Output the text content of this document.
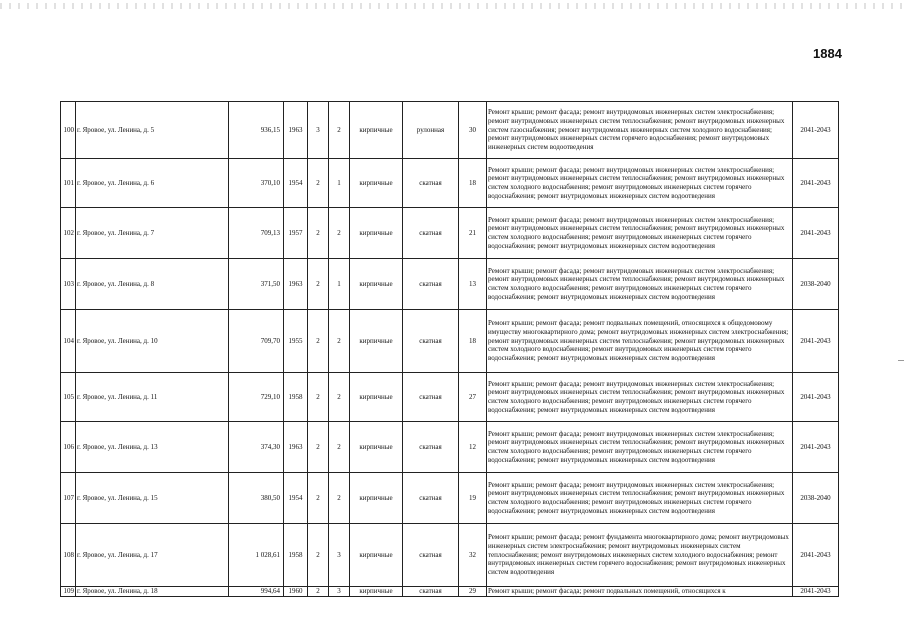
1884
100	г. Яровое, ул. Ленина, д. 5	936,15	1963	3	2	кирпичные	рулонная	30	Ремонт крыши; ремонт фасада; ремонт внутридомовых инженерных систем электроснабжения; ремонт внутридомовых инженерных систем теплоснабжения; ремонт внутридомовых инженерных систем газоснабжения; ремонт внутридомовых инженерных систем холодного водоснабжения; ремонт внутридомовых инженерных систем горячего водоснабжения; ремонт внутридомовых инженерных систем водоотведения	2041-2043
101	г. Яровое, ул. Ленина, д. 6	370,10	1954	2	1	кирпичные	скатная	18	Ремонт крыши; ремонт фасада; ремонт внутридомовых инженерных систем электроснабжения; ремонт внутридомовых инженерных систем теплоснабжения; ремонт внутридомовых инженерных систем холодного водоснабжения; ремонт внутридомовых инженерных систем горячего водоснабжения; ремонт внутридомовых инженерных систем водоотведения	2041-2043
102	г. Яровое, ул. Ленина, д. 7	709,13	1957	2	2	кирпичные	скатная	21	Ремонт крыши; ремонт фасада; ремонт внутридомовых инженерных систем электроснабжения; ремонт внутридомовых инженерных систем теплоснабжения; ремонт внутридомовых инженерных систем холодного водоснабжения; ремонт внутридомовых инженерных систем горячего водоснабжения; ремонт внутридомовых инженерных систем водоотведения	2041-2043
103	г. Яровое, ул. Ленина, д. 8	371,50	1963	2	1	кирпичные	скатная	13	Ремонт крыши; ремонт фасада; ремонт внутридомовых инженерных систем электроснабжения; ремонт внутридомовых инженерных систем теплоснабжения; ремонт внутридомовых инженерных систем холодного водоснабжения; ремонт внутридомовых инженерных систем горячего водоснабжения; ремонт внутридомовых инженерных систем водоотведения	2038-2040
104	г. Яровое, ул. Ленина, д. 10	709,70	1955	2	2	кирпичные	скатная	18	Ремонт крыши; ремонт фасада; ремонт подвальных помещений, относящихся к общедомовому имуществу многоквартирного дома; ремонт внутридомовых инженерных систем электроснабжения; ремонт внутридомовых инженерных систем теплоснабжения; ремонт внутридомовых инженерных систем холодного водоснабжения; ремонт внутридомовых инженерных систем горячего водоснабжения; ремонт внутридомовых инженерных систем водоотведения	2041-2043
105	г. Яровое, ул. Ленина, д. 11	729,10	1958	2	2	кирпичные	скатная	27	Ремонт крыши; ремонт фасада; ремонт внутридомовых инженерных систем электроснабжения; ремонт внутридомовых инженерных систем теплоснабжения; ремонт внутридомовых инженерных систем холодного водоснабжения; ремонт внутридомовых инженерных систем горячего водоснабжения; ремонт внутридомовых инженерных систем водоотведения	2041-2043
106	г. Яровое, ул. Ленина, д. 13	374,30	1963	2	2	кирпичные	скатная	12	Ремонт крыши; ремонт фасада; ремонт внутридомовых инженерных систем электроснабжения; ремонт внутридомовых инженерных систем теплоснабжения; ремонт внутридомовых инженерных систем холодного водоснабжения; ремонт внутридомовых инженерных систем горячего водоснабжения; ремонт внутридомовых инженерных систем водоотведения	2041-2043
107	г. Яровое, ул. Ленина, д. 15	380,50	1954	2	2	кирпичные	скатная	19	Ремонт крыши; ремонт фасада; ремонт внутридомовых инженерных систем электроснабжения; ремонт внутридомовых инженерных систем теплоснабжения; ремонт внутридомовых инженерных систем холодного водоснабжения; ремонт внутридомовых инженерных систем горячего водоснабжения; ремонт внутридомовых инженерных систем водоотведения	2038-2040
108	г. Яровое, ул. Ленина, д. 17	1 028,61	1958	2	3	кирпичные	скатная	32	Ремонт крыши; ремонт фасада; ремонт фундамента многоквартирного дома; ремонт внутридомовых инженерных систем электроснабжения; ремонт внутридомовых инженерных систем теплоснабжения; ремонт внутридомовых инженерных систем холодного водоснабжения; ремонт внутридомовых инженерных систем горячего водоснабжения; ремонт внутридомовых инженерных систем водоотведения	2041-2043
109	г. Яровое, ул. Ленина, д. 18	994,64	1960	2	3	кирпичные	скатная	29	Ремонт крыши; ремонт фасада; ремонт подвальных помещений, относящихся к	2041-2043
